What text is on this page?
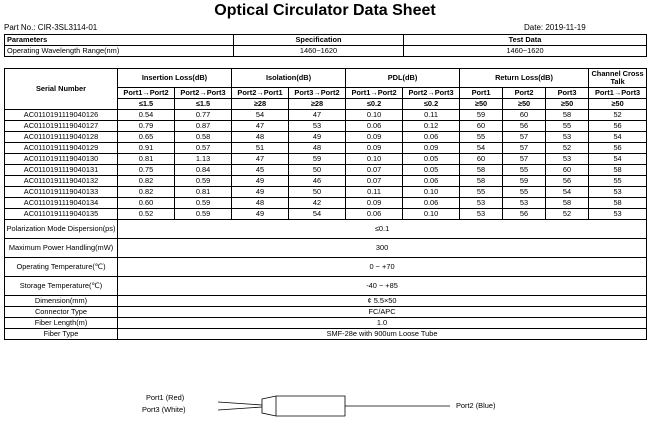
Optical Circulator Data Sheet
Part No.: CIR-3SL3114-01	Date: 2019-11-19
Parameters	Specification	Test Data
Operating Wavelength Range(nm)	1460~1620	1460~1620
Serial Number	Insertion Loss(dB)		Isolation(dB)		PDL(dB)		Return Loss(dB)			Channel Cross Talk
	Port1→Port2	Port2→Port3	Port2→Port1	Port3→Port2	Port1→Port2	Port2→Port3	Port1	Port2	Port3	Port1→Port3
	≤1.5	≤1.5	≥28	≥28	≤0.2	≤0.2	≥50	≥50	≥50	≥50
AC0110191119040126	0.54	0.77	54	47	0.10	0.11	59	60	58	52
AC0110191119040127	0.79	0.87	47	53	0.06	0.12	60	56	55	56
AC0110191119040128	0.65	0.58	48	49	0.09	0.06	55	57	53	54
AC0110191119040129	0.91	0.57	51	48	0.09	0.09	54	57	52	56
AC0110191119040130	0.81	1.13	47	59	0.10	0.05	60	57	53	54
AC0110191119040131	0.75	0.84	45	50	0.07	0.05	58	55	60	58
AC0110191119040132	0.82	0.59	49	46	0.07	0.06	58	59	56	55
AC0110191119040133	0.82	0.81	49	50	0.11	0.10	55	55	54	53
AC0110191119040134	0.60	0.59	48	42	0.09	0.06	53	53	58	58
AC0110191119040135	0.52	0.59	49	54	0.06	0.10	53	56	52	53
Polarization Mode Dispersion(ps)	≤0.1									
Maximum Power Handling(mW)	300									
Operating Temperature(℃)	0 ~ +70									
Storage Temperature(℃)	-40 ~ +85									
Dimension(mm)	¢ 5.5×50									
Connector Type	FC/APC									
Fiber Length(m)	1.0									
Fiber Type	SMF-28e with 900um Loose Tube									
Port1 (Red)
Port3 (White)	Port2 (Blue)
